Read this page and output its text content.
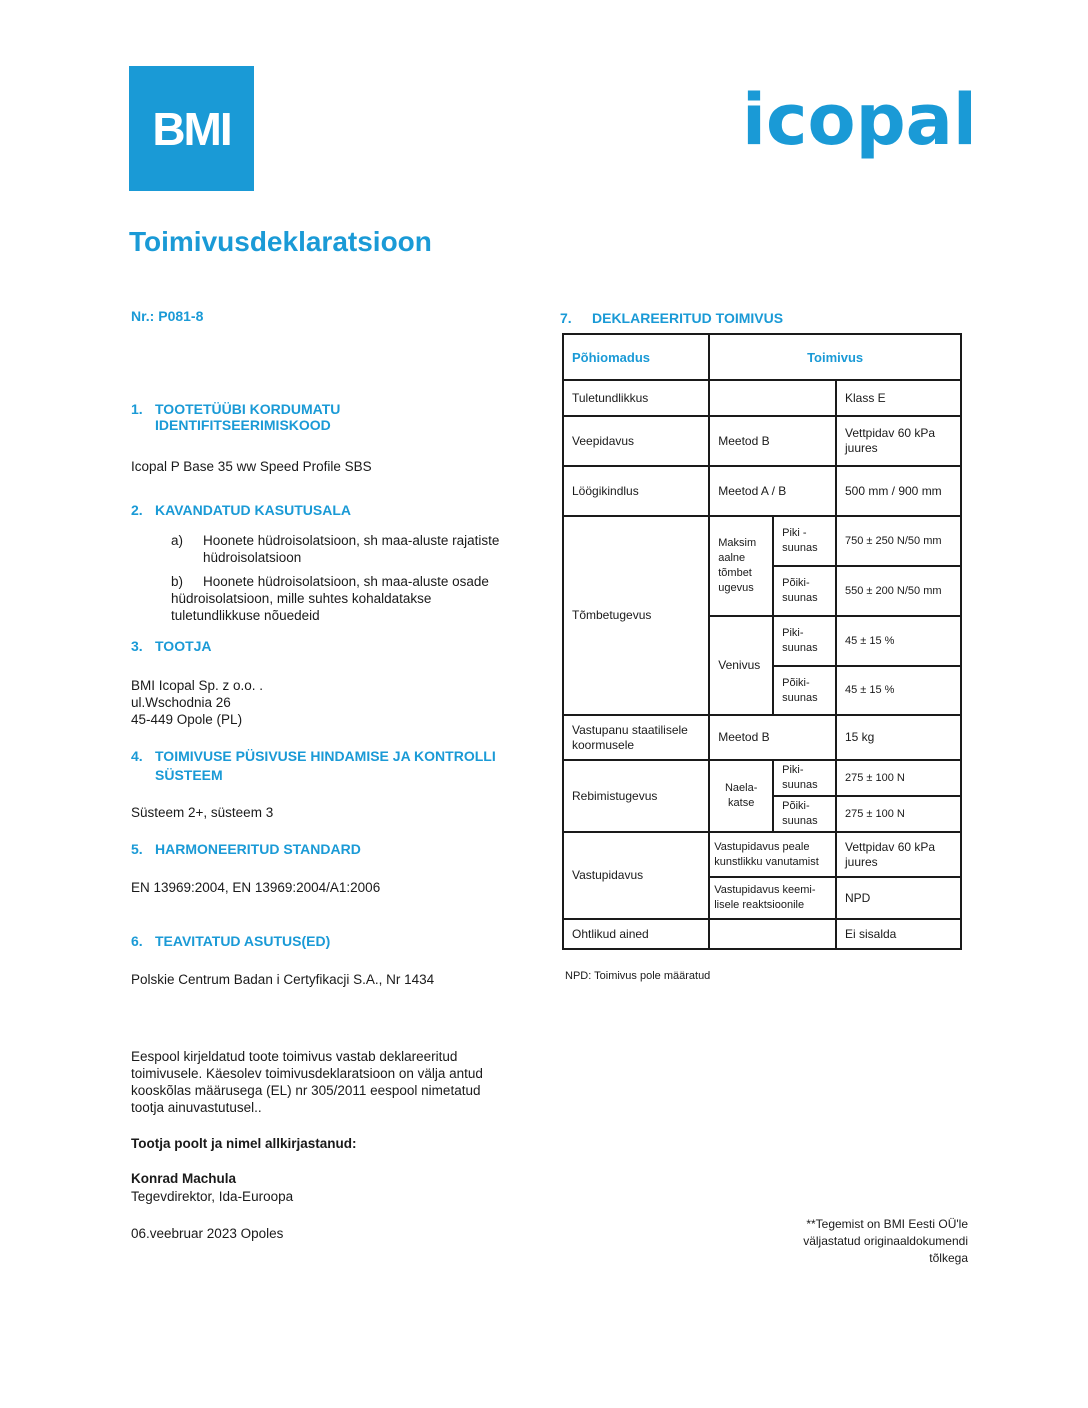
BMI	icopal
Toimivusdeklaratsioon
Nr.: P081-8
1. TOOTETÜÜBI KORDUMATU
IDENTIFITSEERIMISKOOD
Icopal P Base 35 ww Speed Profile SBS
2. KAVANDATUD KASUTUSALA
a) Hoonete hüdroisolatsioon, sh maa-aluste rajatiste
hüdroisolatsioon
b) Hoonete hüdroisolatsioon, sh maa-aluste osade
hüdroisolatsioon, mille suhtes kohaldatakse
tuletundlikkuse nõuedeid
3. TOOTJA
BMI Icopal Sp. z o.o. .
ul.Wschodnia 26
45-449 Opole (PL)
4. TOIMIVUSE PÜSIVUSE HINDAMISE JA KONTROLLI
SÜSTEEM
Süsteem 2+, süsteem 3
5. HARMONEERITUD STANDARD
EN 13969:2004, EN 13969:2004/A1:2006
6. TEAVITATUD ASUTUS(ED)
Polskie Centrum Badan i Certyfikacji S.A., Nr 1434
Eespool kirjeldatud toote toimivus vastab deklareeritud
toimivusele. Käesolev toimivusdeklaratsioon on välja antud
kooskõlas määrusega (EL) nr 305/2011 eespool nimetatud
tootja ainuvastutusel..
Tootja poolt ja nimel allkirjastanud:
Konrad Machula
Tegevdirektor, Ida-Euroopa
06.veebruar 2023 Opoles
7. DEKLAREERITUD TOIMIVUS
Põhiomadus	Toimivus		
Tuletundlikkus			Klass E
Veepidavus	Meetod B		Vettpidav 60 kPa juures
Löögikindlus	Meetod A / B		500 mm / 900 mm
Tõmbetugevus	Maksim aalne tõmbet ugevus	Piki - suunas	750 ± 250 N/50 mm
		Põiki- suunas	550 ± 200 N/50 mm
	Venivus	Piki- suunas	45 ± 15 %
		Põiki- suunas	45 ± 15 %
Vastupanu staatilisele koormusele	Meetod B		15 kg
Rebimistugevus	Naela- katse	Piki- suunas	275 ± 100 N
		Põiki- suunas	275 ± 100 N
Vastupidavus	Vastupidavus peale kunstlikku vanutamist		Vettpidav 60 kPa juures
	Vastupidavus keemi- lisele reaktsioonile		NPD
Ohtlikud ained			Ei sisalda
NPD: Toimivus pole määratud
**Tegemist on BMI Eesti OÜ'le
väljastatud originaaldokumendi
tõlkega
